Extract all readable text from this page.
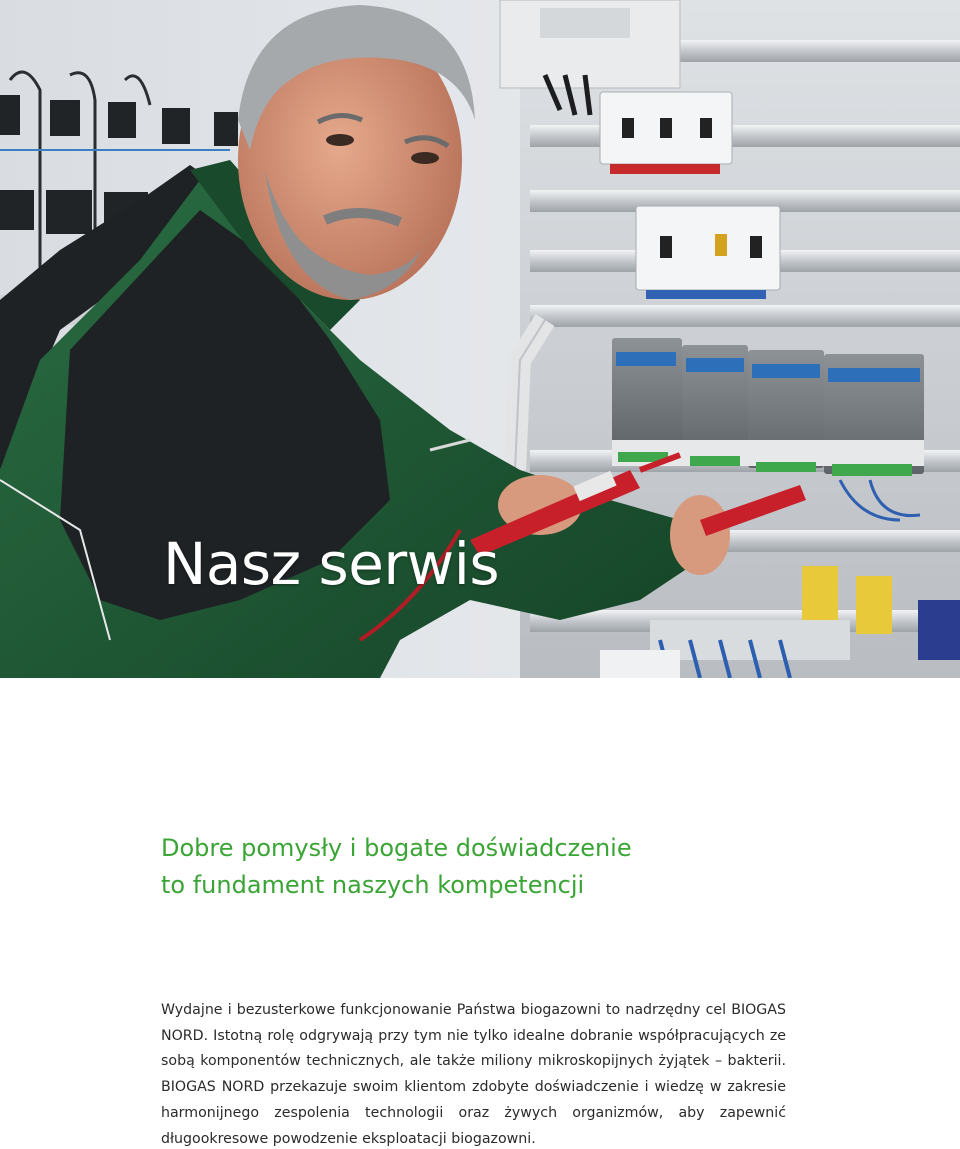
Nasz serwis
Dobre pomysły i bogate doświadczenie
to fundament naszych kompetencji

Wydajne i bezusterkowe funkcjonowanie Państwa biogazowni to nadrzędny cel BIOGAS NORD. Istotną rolę odgrywają przy tym nie tylko idealne dobranie współpracujących ze sobą komponentów technicznych, ale także miliony mikroskopijnych żyjątek – bakterii. BIOGAS NORD przekazuje swoim klientom zdobyte doświadczenie i wiedzę w zakresie harmonijnego zespolenia technologii oraz żywych organizmów, aby zapewnić długookresowe powodzenie eksploatacji biogazowni.
